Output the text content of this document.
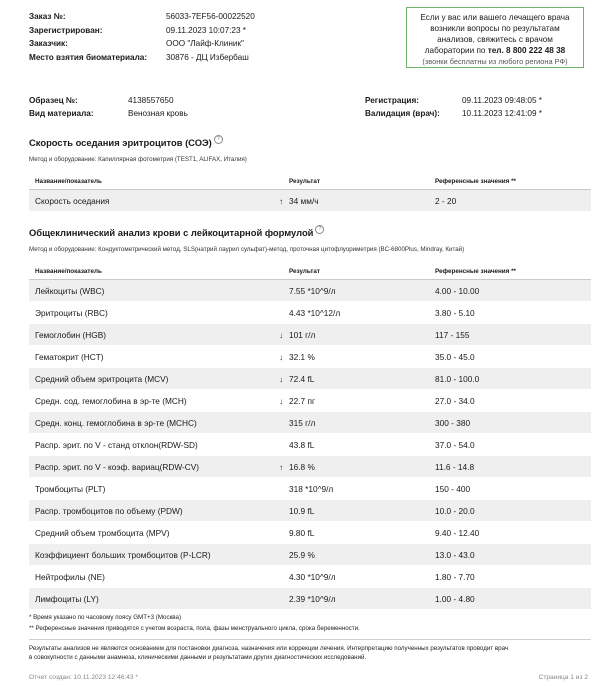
Заказ №:	56033-7EF56-00022520
Зарегистрирован:	09.11.2023 10:07:23 *
Заказчик:	ООО "Лайф-Клиник"
Место взятия биоматериала:	30876 - ДЦ Избербаш
Если у вас или вашего лечащего врача
возникли вопросы по результатам
анализов, свяжитесь с врачом
лаборатории по тел. 8 800 222 48 38
(звонки бесплатны из любого региона РФ)
Образец №:	4138557650
Вид материала:	Венозная кровь
Регистрация:	09.11.2023 09:48:05 *
Валидация (врач):	10.11.2023 12:41:09 *
Скорость оседания эритроцитов (СОЭ) ?
Метод и оборудование: Капиллярная фотометрия (TEST1, ALIFAX, Италия)
Название/показатель	Результат	Референсные значения **
Скорость оседания	↑ 34 мм/ч	2 - 20
Общеклинический анализ крови с лейкоцитарной формулой ?
Метод и оборудование: Кондуктометрический метод, SLS(натрий лаурил сульфат)-метод, проточная цитофлуориметрия (BC-6800Plus, Mindray, Китай)
Название/показатель	Результат	Референсные значения **
Лейкоциты (WBC)	7.55 *10^9/л	4.00 - 10.00
Эритроциты (RBC)	4.43 *10^12/л	3.80 - 5.10
Гемоглобин (HGB)	↓ 101 г/л	117 - 155
Гематокрит (HCT)	↓ 32.1 %	35.0 - 45.0
Средний объем эритроцита (MCV)	↓ 72.4 fL	81.0 - 100.0
Средн. сод. гемоглобина в эр-те (MCH)	↓ 22.7 пг	27.0 - 34.0
Средн. конц. гемоглобина в эр-те (MCHC)	315 г/л	300 - 380
Распр. эрит. по V - станд отклон(RDW-SD)	43.8 fL	37.0 - 54.0
Распр. эрит. по V - коэф. вариац(RDW-CV)	↑ 16.8 %	11.6 - 14.8
Тромбоциты (PLT)	318 *10^9/л	150 - 400
Распр. тромбоцитов по объему (PDW)	10.9 fL	10.0 - 20.0
Средний объем тромбоцита (MPV)	9.80 fL	9.40 - 12.40
Коэффициент больших тромбоцитов (P-LCR)	25.9 %	13.0 - 43.0
Нейтрофилы (NE)	4.30 *10^9/л	1.80 - 7.70
Лимфоциты (LY)	2.39 *10^9/л	1.00 - 4.80
* Время указано по часовому поясу GMT+3 (Москва)
** Референсные значения приводятся с учетом возраста, пола, фазы менструального цикла, срока беременности.
Результаты анализов не являются основанием для постановки диагноза, назначения или коррекции лечения. Интерпретацию полученных результатов проводит врач
в совокупности с данными анамнеза, клиническими данными и результатами других диагностических исследований.
Отчет создан: 10.11.2023 12:46:43 *	Страница 1 из 2
